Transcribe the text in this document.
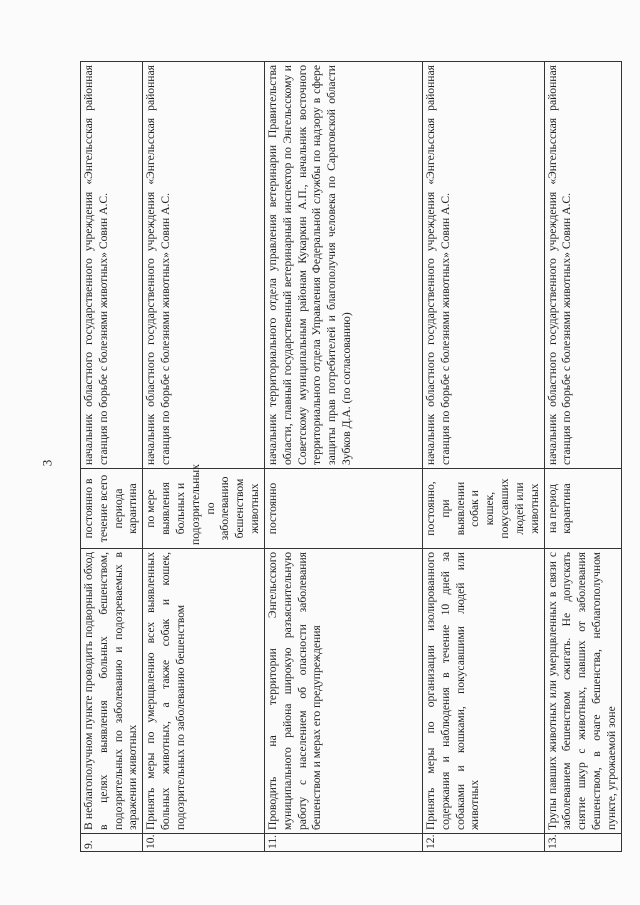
3
9.	В неблагополучном пункте проводить подворный обход в целях выявления больных бешенством, подозрительных по заболеванию и подозреваемых в заражении животных	постоянно в течение всего периода карантина	начальник областного государственного учреждения «Энгельсская районная станция по борьбе с болезнями животных» Совин А.С.
10.	Принять меры по умерщвлению всех выявленных больных животных, а также собак и кошек, подозрительных по заболеванию бешенством	по мере выявления больных и подозрительных по заболеванию бешенством животных	начальник областного государственного учреждения «Энгельсская районная станция по борьбе с болезнями животных» Совин А.С.
11.	Проводить на территории Энгельсского муниципального района широкую разъяснительную работу с населением об опасности заболевания бешенством и мерах его предупреждения	постоянно	начальник территориального отдела управления ветеринарии Правительства области, главный государственный ветеринарный инспектор по Энгельсскому и Советскому муниципальным районам Кукаркин А.П., начальник восточного территориального отдела Управления Федеральной службы по надзору в сфере защиты прав потребителей и благополучия человека по Саратовской области Зубков Д.А. (по согласованию)
12.	Принять меры по организации изолированного содержания и наблюдения в течение 10 дней за собаками и кошками, покусавшими людей или животных	постоянно, при выявлении собак и кошек, покусавших людей или животных	начальник областного государственного учреждения «Энгельсская районная станция по борьбе с болезнями животных» Совин А.С.
13.	Трупы павших животных или умерщвленных в связи с заболеванием бешенством сжигать. Не допускать снятие шкур с животных, павших от заболевания бешенством, в очаге бешенства, неблагополучном пункте, угрожаемой зоне	на период карантина	начальник областного государственного учреждения «Энгельсская районная станция по борьбе с болезнями животных» Совин А.С.
